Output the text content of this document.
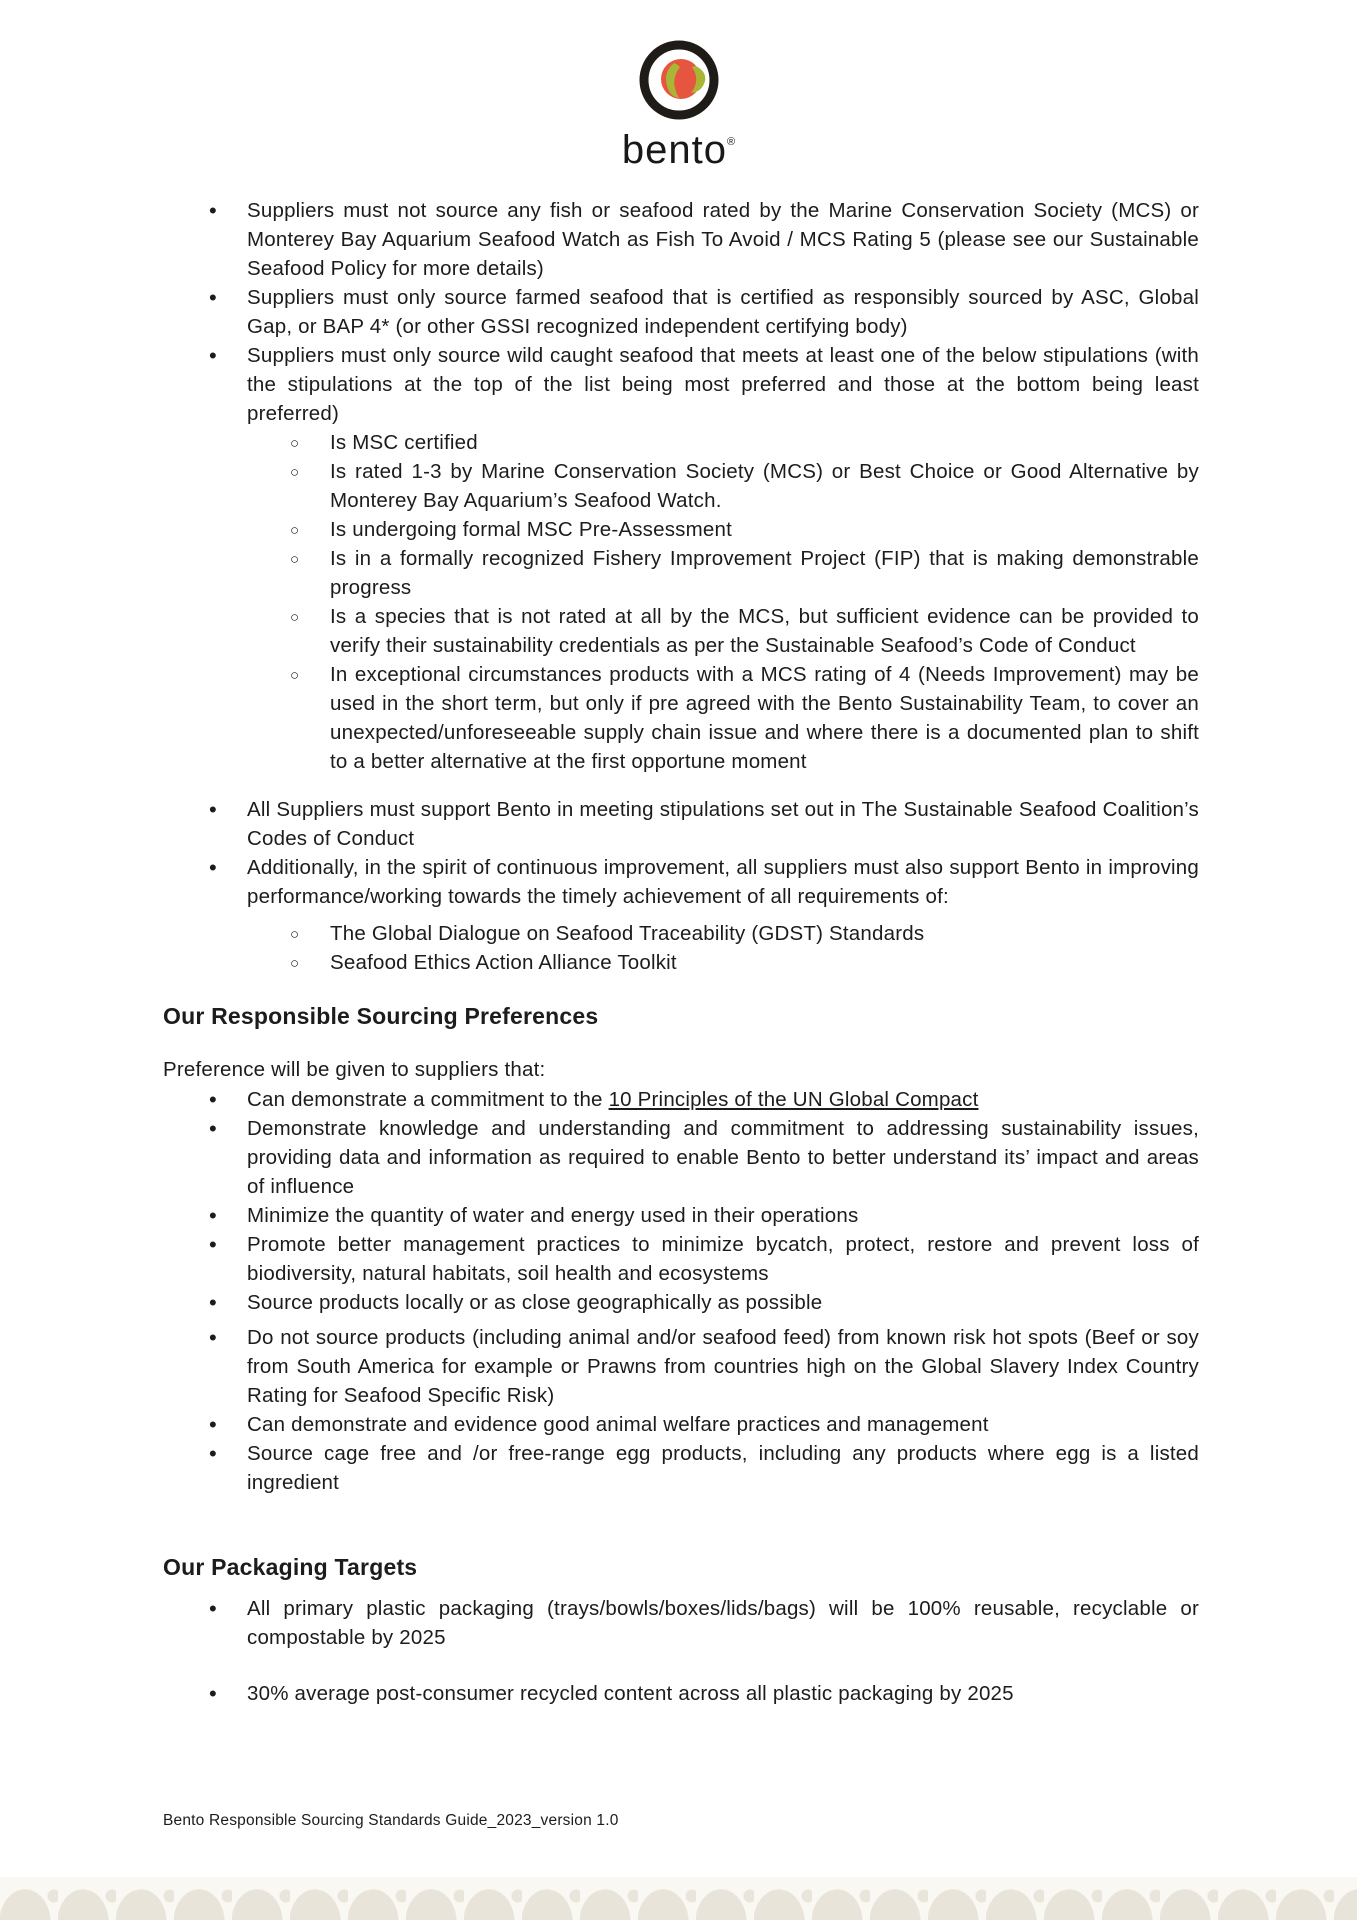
bento®
• Suppliers must not source any fish or seafood rated by the Marine Conservation Society (MCS) or Monterey Bay Aquarium Seafood Watch as Fish To Avoid / MCS Rating 5 (please see our Sustainable Seafood Policy for more details)
• Suppliers must only source farmed seafood that is certified as responsibly sourced by ASC, Global Gap, or BAP 4* (or other GSSI recognized independent certifying body)
• Suppliers must only source wild caught seafood that meets at least one of the below stipulations (with the stipulations at the top of the list being most preferred and those at the bottom being least preferred)
○ Is MSC certified
○ Is rated 1-3 by Marine Conservation Society (MCS) or Best Choice or Good Alternative by Monterey Bay Aquarium’s Seafood Watch.
○ Is undergoing formal MSC Pre-Assessment
○ Is in a formally recognized Fishery Improvement Project (FIP) that is making demonstrable progress
○ Is a species that is not rated at all by the MCS, but sufficient evidence can be provided to verify their sustainability credentials as per the Sustainable Seafood’s Code of Conduct
○ In exceptional circumstances products with a MCS rating of 4 (Needs Improvement) may be used in the short term, but only if pre agreed with the Bento Sustainability Team, to cover an unexpected/unforeseeable supply chain issue and where there is a documented plan to shift to a better alternative at the first opportune moment
• All Suppliers must support Bento in meeting stipulations set out in The Sustainable Seafood Coalition’s Codes of Conduct
• Additionally, in the spirit of continuous improvement, all suppliers must also support Bento in improving performance/working towards the timely achievement of all requirements of:
○ The Global Dialogue on Seafood Traceability (GDST) Standards
○ Seafood Ethics Action Alliance Toolkit
Our Responsible Sourcing Preferences
Preference will be given to suppliers that:
• Can demonstrate a commitment to the 10 Principles of the UN Global Compact
• Demonstrate knowledge and understanding and commitment to addressing sustainability issues, providing data and information as required to enable Bento to better understand its’ impact and areas of influence
• Minimize the quantity of water and energy used in their operations
• Promote better management practices to minimize bycatch, protect, restore and prevent loss of biodiversity, natural habitats, soil health and ecosystems
• Source products locally or as close geographically as possible
• Do not source products (including animal and/or seafood feed) from known risk hot spots (Beef or soy from South America for example or Prawns from countries high on the Global Slavery Index Country Rating for Seafood Specific Risk)
• Can demonstrate and evidence good animal welfare practices and management
• Source cage free and /or free-range egg products, including any products where egg is a listed ingredient
Our Packaging Targets
• All primary plastic packaging (trays/bowls/boxes/lids/bags) will be 100% reusable, recyclable or compostable by 2025
• 30% average post-consumer recycled content across all plastic packaging by 2025
Bento Responsible Sourcing Standards Guide_2023_version 1.0
